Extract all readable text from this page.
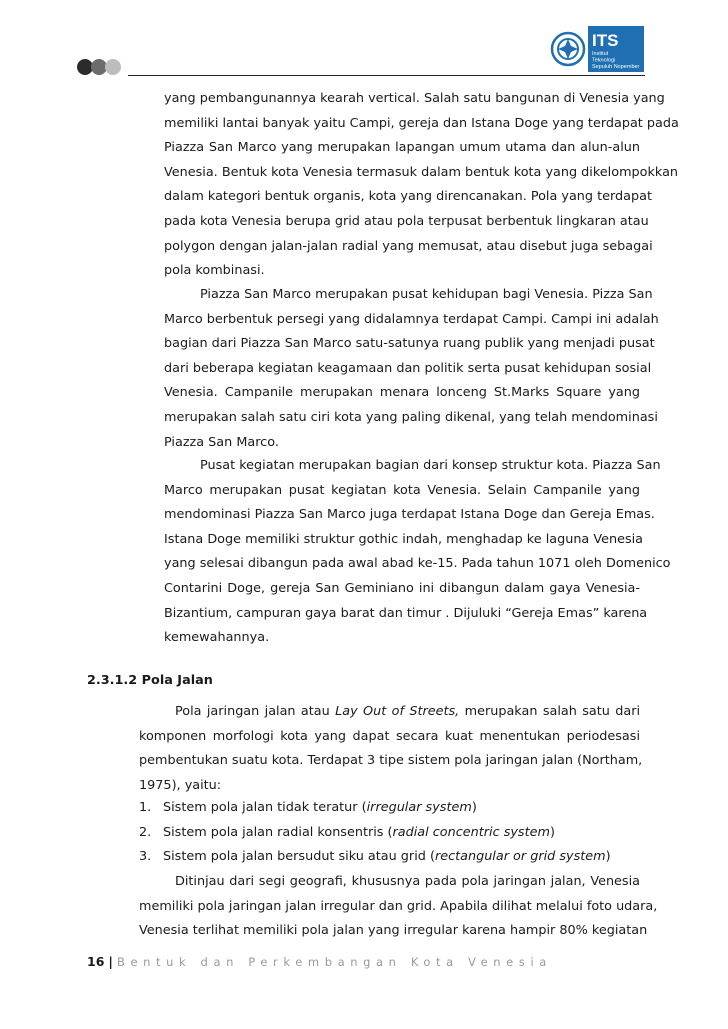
ITS
Institut
Teknologi
Sepuluh Nopember
yang pembangunannya kearah vertical. Salah satu bangunan di Venesia yang
memiliki lantai banyak yaitu Campi, gereja dan Istana Doge yang terdapat pada
Piazza San Marco yang merupakan lapangan umum utama dan alun-alun
Venesia. Bentuk kota Venesia termasuk dalam bentuk kota yang dikelompokkan
dalam kategori bentuk organis, kota yang direncanakan. Pola yang terdapat
pada kota Venesia berupa grid atau pola terpusat berbentuk lingkaran atau
polygon dengan jalan-jalan radial yang memusat, atau disebut juga sebagai
pola kombinasi.
Piazza San Marco merupakan pusat kehidupan bagi Venesia. Pizza San
Marco berbentuk persegi yang didalamnya terdapat Campi. Campi ini adalah
bagian dari Piazza San Marco satu-satunya ruang publik yang menjadi pusat
dari beberapa kegiatan keagamaan dan politik serta pusat kehidupan sosial
Venesia. Campanile merupakan menara lonceng St.Marks Square yang
merupakan salah satu ciri kota yang paling dikenal, yang telah mendominasi
Piazza San Marco.
Pusat kegiatan merupakan bagian dari konsep struktur kota. Piazza San
Marco merupakan pusat kegiatan kota Venesia. Selain Campanile yang
mendominasi Piazza San Marco juga terdapat Istana Doge dan Gereja Emas.
Istana Doge memiliki struktur gothic indah, menghadap ke laguna Venesia
yang selesai dibangun pada awal abad ke-15. Pada tahun 1071 oleh Domenico
Contarini Doge, gereja San Geminiano ini dibangun dalam gaya Venesia-
Bizantium, campuran gaya barat dan timur . Dijuluki “Gereja Emas” karena
kemewahannya.
2.3.1.2 Pola Jalan
Pola jaringan jalan atau Lay Out of Streets, merupakan salah satu dari
komponen morfologi kota yang dapat secara kuat menentukan periodesasi
pembentukan suatu kota. Terdapat 3 tipe sistem pola jaringan jalan (Northam,
1975), yaitu:
1. Sistem pola jalan tidak teratur (irregular system)
2. Sistem pola jalan radial konsentris (radial concentric system)
3. Sistem pola jalan bersudut siku atau grid (rectangular or grid system)
Ditinjau dari segi geografi, khususnya pada pola jaringan jalan, Venesia
memiliki pola jaringan jalan irregular dan grid. Apabila dilihat melalui foto udara,
Venesia terlihat memiliki pola jalan yang irregular karena hampir 80% kegiatan
16 | Bentuk dan Perkembangan Kota Venesia
